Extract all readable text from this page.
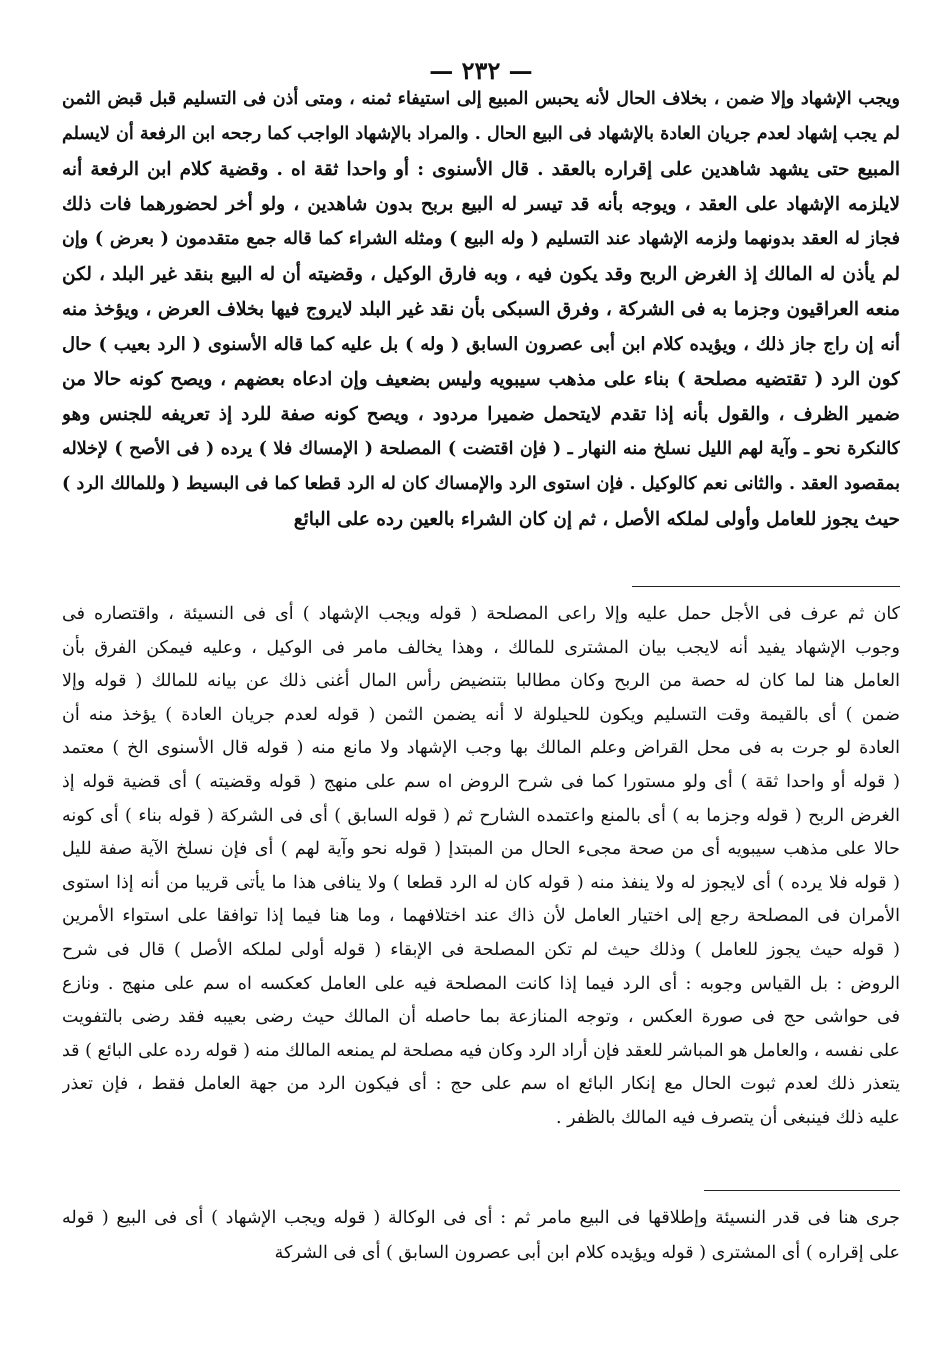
— ٢٣٢ —
ويجب الإشهاد وإلا ضمن ، بخلاف الحال لأنه يحبس المبيع إلى استيفاء ثمنه ، ومتى أذن فى التسليم قبل قبض الثمن
لم يجب إشهاد لعدم جريان العادة بالإشهاد فى البيع الحال . والمراد بالإشهاد الواجب كما رجحه ابن الرفعة أن لايسلم
المبيع حتى يشهد شاهدين على إقراره بالعقد . قال الأسنوى : أو واحدا ثقة اه . وقضية كلام ابن الرفعة أنه
لايلزمه الإشهاد على العقد ، ويوجه بأنه قد تيسر له البيع بربح بدون شاهدين ، ولو أخر لحضورهما فات ذلك
فجاز له العقد بدونهما ولزمه الإشهاد عند التسليم ( وله البيع ) ومثله الشراء كما قاله جمع متقدمون ( بعرض ) وإن
لم يأذن له المالك إذ الغرض الربح وقد يكون فيه ، وبه فارق الوكيل ، وقضيته أن له البيع بنقد غير البلد ، لكن
منعه العراقيون وجزما به فى الشركة ، وفرق السبكى بأن نقد غير البلد لايروج فيها بخلاف العرض ، ويؤخذ منه
أنه إن راج جاز ذلك ، ويؤيده كلام ابن أبى عصرون السابق ( وله ) بل عليه كما قاله الأسنوى ( الرد بعيب ) حال
كون الرد ( تقتضيه مصلحة ) بناء على مذهب سيبويه وليس بضعيف وإن ادعاه بعضهم ، ويصح كونه حالا من
ضمير الظرف ، والقول بأنه إذا تقدم لايتحمل ضميرا مردود ، ويصح كونه صفة للرد إذ تعريفه للجنس وهو
كالنكرة نحو ـ وآية لهم الليل نسلخ منه النهار ـ ( فإن اقتضت ) المصلحة ( الإمساك فلا ) يرده ( فى الأصح ) لإخلاله
بمقصود العقد . والثانى نعم كالوكيل . فإن استوى الرد والإمساك كان له الرد قطعا كما فى البسيط ( وللمالك الرد )
حيث يجوز للعامل وأولى لملكه الأصل ، ثم إن كان الشراء بالعين رده على البائع
كان ثم عرف فى الأجل حمل عليه وإلا راعى المصلحة ( قوله ويجب الإشهاد ) أى فى النسيئة ، واقتصاره فى
وجوب الإشهاد يفيد أنه لايجب بيان المشترى للمالك ، وهذا يخالف مامر فى الوكيل ، وعليه فيمكن الفرق بأن
العامل هنا لما كان له حصة من الربح وكان مطالبا بتنضيض رأس المال أغنى ذلك عن بيانه للمالك ( قوله وإلا
ضمن ) أى بالقيمة وقت التسليم ويكون للحيلولة لا أنه يضمن الثمن ( قوله لعدم جريان العادة ) يؤخذ منه أن
العادة لو جرت به فى محل القراض وعلم المالك بها وجب الإشهاد ولا مانع منه ( قوله قال الأسنوى الخ ) معتمد
( قوله أو واحدا ثقة ) أى ولو مستورا كما فى شرح الروض اه سم على منهج ( قوله وقضيته ) أى قضية قوله إذ
الغرض الربح ( قوله وجزما به ) أى بالمنع واعتمده الشارح ثم ( قوله السابق ) أى فى الشركة ( قوله بناء ) أى كونه
حالا على مذهب سيبويه أى من صحة مجىء الحال من المبتدإ ( قوله نحو وآية لهم ) أى فإن نسلخ الآية صفة لليل
( قوله فلا يرده ) أى لايجوز له ولا ينفذ منه ( قوله كان له الرد قطعا ) ولا ينافى هذا ما يأتى قريبا من أنه إذا استوى
الأمران فى المصلحة رجع إلى اختيار العامل لأن ذاك عند اختلافهما ، وما هنا فيما إذا توافقا على استواء الأمرين
( قوله حيث يجوز للعامل ) وذلك حيث لم تكن المصلحة فى الإبقاء ( قوله أولى لملكه الأصل ) قال فى شرح
الروض : بل القياس وجوبه : أى الرد فيما إذا كانت المصلحة فيه على العامل كعكسه اه سم على منهج . ونازع
فى حواشى حج فى صورة العكس ، وتوجه المنازعة بما حاصله أن المالك حيث رضى بعيبه فقد رضى بالتفويت
على نفسه ، والعامل هو المباشر للعقد فإن أراد الرد وكان فيه مصلحة لم يمنعه المالك منه ( قوله رده على البائع ) قد
يتعذر ذلك لعدم ثبوت الحال مع إنكار البائع اه سم على حج : أى فيكون الرد من جهة العامل فقط ، فإن تعذر
عليه ذلك فينبغى أن يتصرف فيه المالك بالظفر .
جرى هنا فى قدر النسيئة وإطلاقها فى البيع مامر ثم : أى فى الوكالة ( قوله ويجب الإشهاد ) أى فى البيع ( قوله
على إقراره ) أى المشترى ( قوله ويؤيده كلام ابن أبى عصرون السابق ) أى فى الشركة
